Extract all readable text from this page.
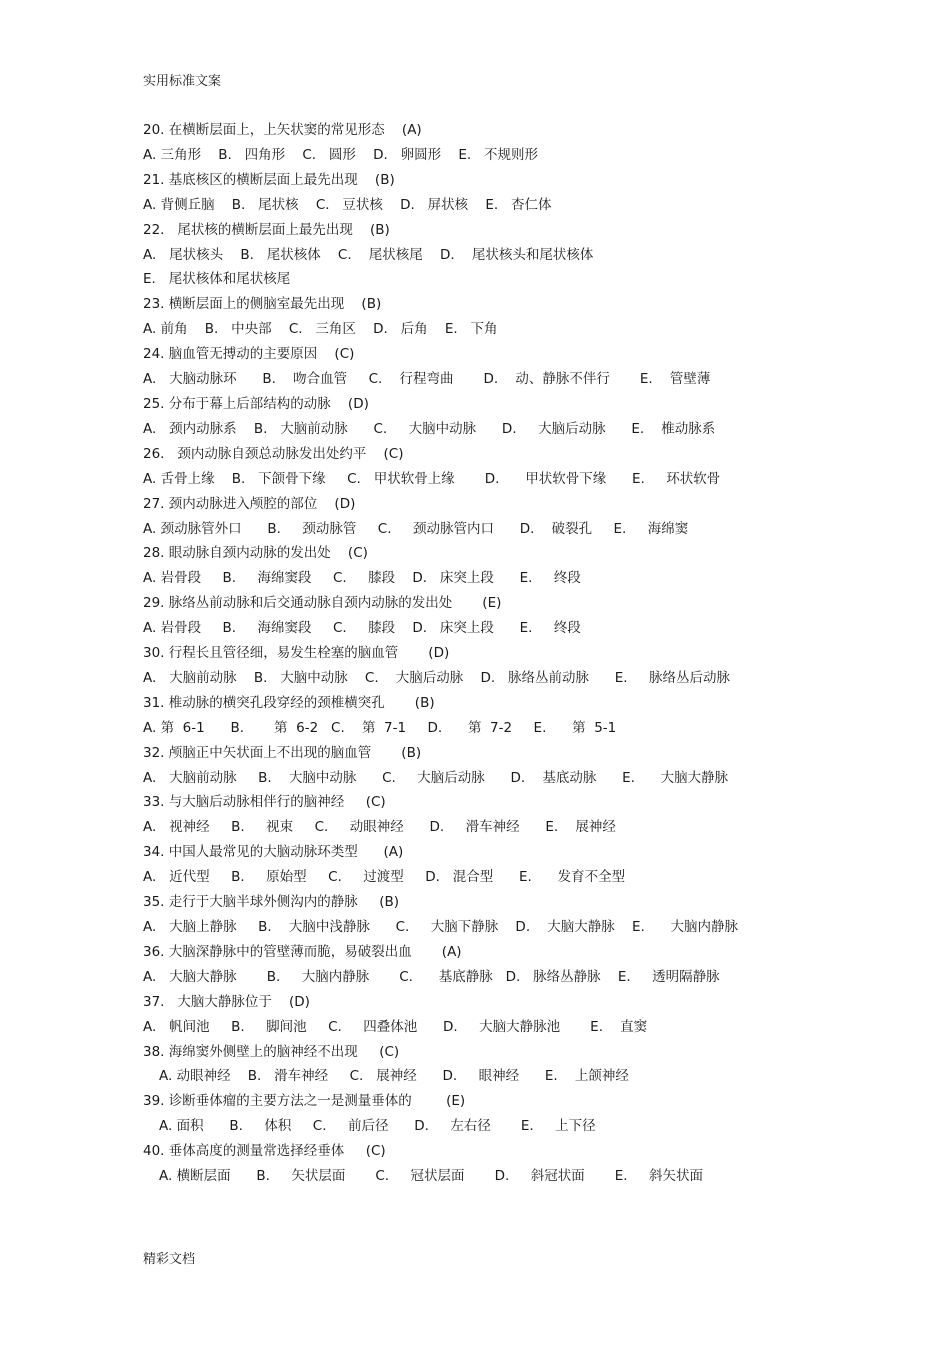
实用标准文案
20. 在横断层面上，上矢状窦的常见形态    (A)
A. 三角形    B.   四角形    C.   圆形    D.   卵圆形    E.   不规则形
21. 基底核区的横断层面上最先出现    (B)
A. 背侧丘脑    B.   尾状核    C.   豆状核    D.   屏状核    E.   杏仁体
22.   尾状核的横断层面上最先出现    (B)
A.   尾状核头    B.   尾状核体    C.    尾状核尾    D.    尾状核头和尾状核体
E.   尾状核体和尾状核尾
23. 横断层面上的侧脑室最先出现    (B)
A. 前角    B.   中央部    C.   三角区    D.   后角    E.   下角
24. 脑血管无搏动的主要原因    (C)
A.   大脑动脉环      B.    吻合血管     C.    行程弯曲       D.    动、静脉不伴行       E.    管壁薄
25. 分布于幕上后部结构的动脉    (D)
A.   颈内动脉系    B.   大脑前动脉      C.     大脑中动脉      D.     大脑后动脉      E.    椎动脉系
26.   颈内动脉自颈总动脉发出处约平    (C)
A. 舌骨上缘    B.   下颌骨下缘     C.   甲状软骨上缘       D.      甲状软骨下缘      E.     环状软骨
27. 颈内动脉进入颅腔的部位    (D)
A. 颈动脉管外口      B.     颈动脉管     C.     颈动脉管内口      D.    破裂孔     E.     海绵窦
28. 眼动脉自颈内动脉的发出处    (C)
A. 岩骨段     B.     海绵窦段     C.     膝段    D.   床突上段      E.     终段
29. 脉络丛前动脉和后交通动脉自颈内动脉的发出处       (E)
A. 岩骨段     B.     海绵窦段     C.     膝段    D.   床突上段      E.     终段
30. 行程长且管径细，易发生栓塞的脑血管       (D)
A.   大脑前动脉    B.   大脑中动脉    C.    大脑后动脉    D.   脉络丛前动脉      E.     脉络丛后动脉
31. 椎动脉的横突孔段穿经的颈椎横突孔       (B)
A. 第  6-1      B.       第  6-2   C.    第  7-1     D.      第  7-2     E.      第  5-1
32. 颅脑正中矢状面上不出现的脑血管       (B)
A.   大脑前动脉     B.    大脑中动脉      C.     大脑后动脉      D.    基底动脉      E.      大脑大静脉
33. 与大脑后动脉相伴行的脑神经     (C)
A.   视神经     B.     视束     C.     动眼神经      D.     滑车神经      E.    展神经
34. 中国人最常见的大脑动脉环类型      (A)
A.   近代型     B.     原始型     C.     过渡型     D.   混合型      E.      发育不全型
35. 走行于大脑半球外侧沟内的静脉     (B)
A.   大脑上静脉     B.    大脑中浅静脉      C.     大脑下静脉    D.    大脑大静脉    E.      大脑内静脉
36. 大脑深静脉中的管壁薄而脆，易破裂出血       (A)
A.   大脑大静脉       B.     大脑内静脉       C.      基底静脉   D.   脉络丛静脉    E.     透明隔静脉
37.   大脑大静脉位于    (D)
A.   帆间池     B.     脚间池     C.     四叠体池      D.     大脑大静脉池       E.    直窦
38. 海绵窦外侧壁上的脑神经不出现     (C)
A. 动眼神经    B.   滑车神经     C.   展神经      D.     眼神经      E.    上颌神经
39. 诊断垂体瘤的主要方法之一是测量垂体的        (E)
A. 面积      B.     体积     C.     前后径      D.     左右径       E.     上下径
40. 垂体高度的测量常选择经垂体     (C)
A. 横断层面      B.     矢状层面       C.     冠状层面       D.     斜冠状面       E.     斜矢状面
精彩文档
